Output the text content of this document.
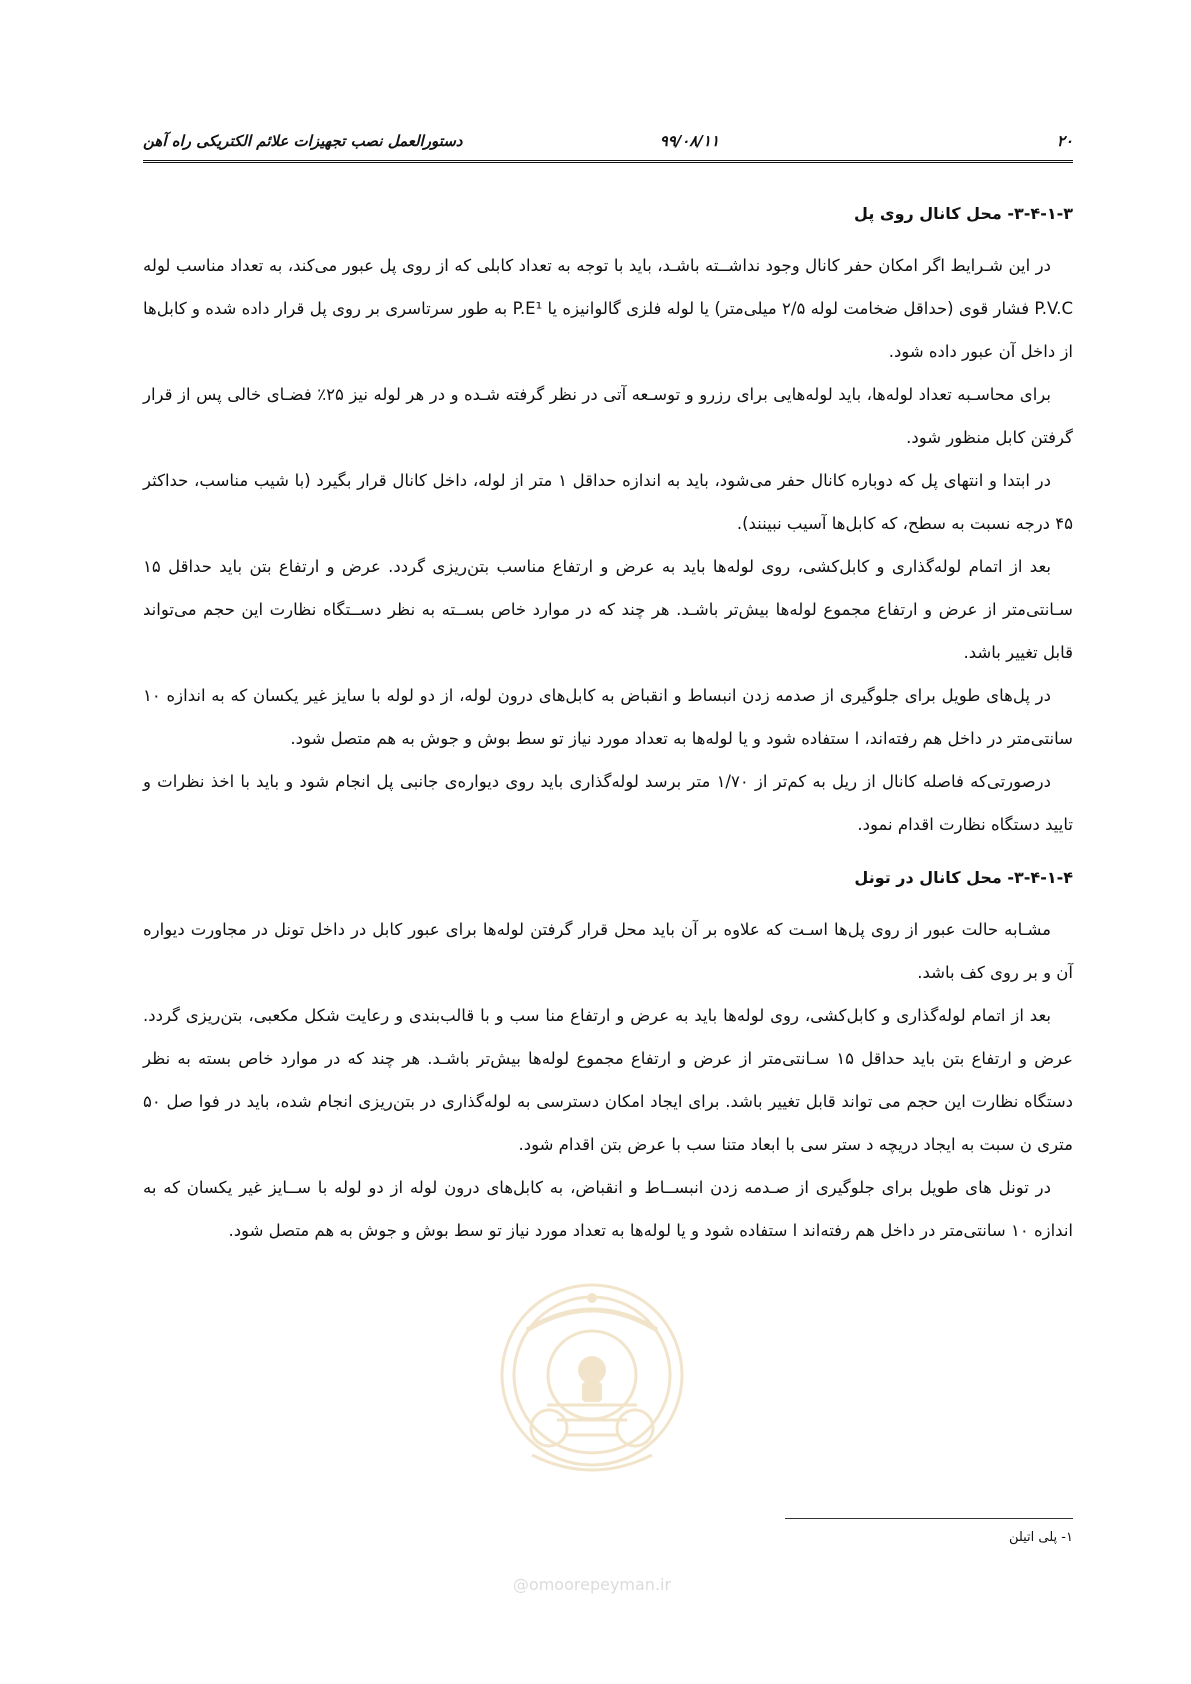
۲۰
۹۹/۰۸/۱۱
دستورالعمل نصب تجهیزات علائم الکتریکی راه آهن
۳-۴-۱-۳- محل کانال روی پل

در این شـرایط اگر امکان حفر کانال وجود نداشــته باشـد، باید با توجه به تعداد کابلی که از روی پل عبور می‌کند، به تعداد مناسب لوله P.V.C فشار قوی (حداقل ضخامت لوله ۲/۵ میلی‌متر) یا لوله فلزی گالوانیزه یا P.E¹ به طور سرتاسری بر روی پل قرار داده شده و کابل‌ها از داخل آن عبور داده شود.

برای محاسـبه تعداد لوله‌ها، باید لوله‌هایی برای رزرو و توسـعه آتی در نظر گرفته شـده و در هر لوله نیز ۲۵٪ فضـای خالی پس از قرار گرفتن کابل منظور شود.

در ابتدا و انتهای پل که دوباره کانال حفر می‌شود، باید به اندازه حداقل ۱ متر از لوله، داخل کانال قرار بگیرد (با شیب مناسب، حداکثر ۴۵ درجه نسبت به سطح، که کابل‌ها آسیب نبینند).

بعد از اتمام لوله‌گذاری و کابل‌کشی، روی لوله‌ها باید به عرض و ارتفاع مناسب بتن‌ریزی گردد. عرض و ارتفاع بتن باید حداقل ۱۵ سـانتی‌متر از عرض و ارتفاع مجموع لوله‌ها بیش‌تر باشـد. هر چند که در موارد خاص بســته به نظر دســتگاه نظارت این حجم می‌تواند قابل تغییر باشد.

در پل‌های طویل برای جلوگیری از صدمه زدن انبساط و انقباض به کابل‌های درون لوله، از دو لوله با سایز غیر یکسان که به اندازه ۱۰ سانتی‌متر در داخل هم رفته‌اند، ا ستفاده شود و یا لوله‌ها به تعداد مورد نیاز تو سط بوش و جوش به هم متصل شود.

درصورتی‌که فاصله کانال از ریل به کم‌تر از ۱/۷۰ متر برسد لوله‌گذاری باید روی دیواره‌ی جانبی پل انجام شود و باید با اخذ نظرات و تایید دستگاه نظارت اقدام نمود.

۳-۴-۱-۴- محل کانال در تونل

مشـابه حالت عبور از روی پل‌ها اسـت که علاوه بر آن باید محل قرار گرفتن لوله‌ها برای عبور کابل در داخل تونل در مجاورت دیواره آن و بر روی کف باشد.

بعد از اتمام لوله‌گذاری و کابل‌کشی، روی لوله‌ها باید به عرض و ارتفاع منا سب و با قالب‌بندی و رعایت شکل مکعبی، بتن‌ریزی گردد. عرض و ارتفاع بتن باید حداقل ۱۵ سـانتی‌متر از عرض و ارتفاع مجموع لوله‌ها بیش‌تر باشـد. هر چند که در موارد خاص بسته به نظر دستگاه نظارت این حجم می تواند قابل تغییر باشد. برای ایجاد امکان دسترسی به لوله‌گذاری در بتن‌ریزی انجام شده، باید در فوا صل ۵۰ متری ن سبت به ایجاد دریچه د ستر سی با ابعاد متنا سب با عرض بتن اقدام شود.

در تونل های طویل برای جلوگیری از صـدمه زدن انبســاط و انقباض، به کابل‌های درون لوله از دو لوله با ســایز غیر یکسان که به اندازه ۱۰ سانتی‌متر در داخل هم رفته‌اند ا ستفاده شود و یا لوله‌ها به تعداد مورد نیاز تو سط بوش و جوش به هم متصل شود.

۱- پلی اتیلن
@omoorepeyman.ir
